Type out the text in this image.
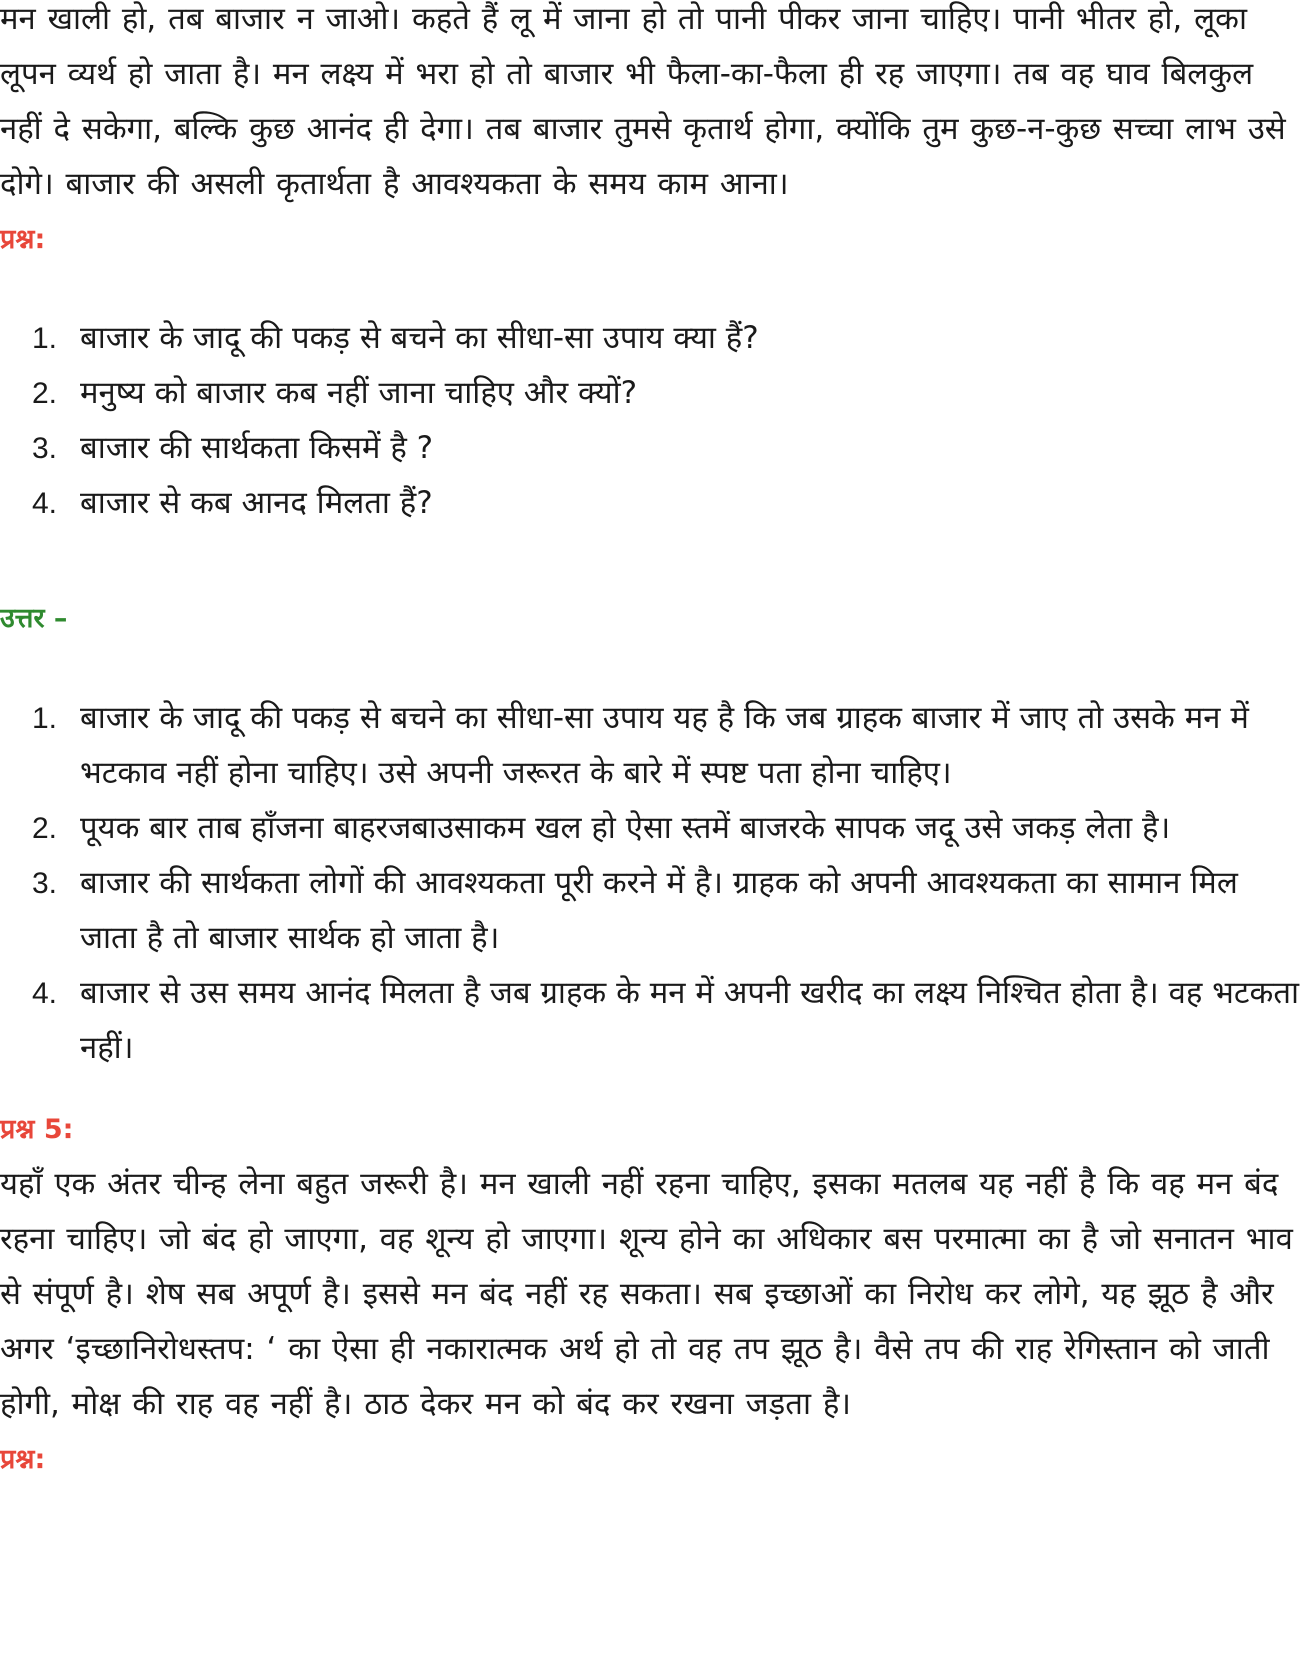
मन खाली हो, तब बाजार न जाओ। कहते हैं लू में जाना हो तो पानी पीकर जाना चाहिए। पानी भीतर हो, लूका लूपन व्यर्थ हो जाता है। मन लक्ष्य में भरा हो तो बाजार भी फैला-का-फैला ही रह जाएगा। तब वह घाव बिलकुल नहीं दे सकेगा, बल्कि कुछ आनंद ही देगा। तब बाजार तुमसे कृतार्थ होगा, क्योंकि तुम कुछ-न-कुछ सच्चा लाभ उसे दोगे। बाजार की असली कृतार्थता है आवश्यकता के समय काम आना।

प्रश्न:

1. बाजार के जादू की पकड़ से बचने का सीधा-सा उपाय क्या हैं?
2. मनुष्य को बाजार कब नहीं जाना चाहिए और क्यों?
3. बाजार की सार्थकता किसमें है ?
4. बाजार से कब आनद मिलता हैं?

उत्तर –

1. बाजार के जादू की पकड़ से बचने का सीधा-सा उपाय यह है कि जब ग्राहक बाजार में जाए तो उसके मन में भटकाव नहीं होना चाहिए। उसे अपनी जरूरत के बारे में स्पष्ट पता होना चाहिए।
2. पूयक बार ताब हाँजना बाहरजबाउसाकम खल हो ऐसा स्तमें बाजरके सापक जदू उसे जकड़ लेता है।
3. बाजार की सार्थकता लोगों की आवश्यकता पूरी करने में है। ग्राहक को अपनी आवश्यकता का सामान मिल जाता है तो बाजार सार्थक हो जाता है।
4. बाजार से उस समय आनंद मिलता है जब ग्राहक के मन में अपनी खरीद का लक्ष्य निश्चित होता है। वह भटकता नहीं।

प्रश्न 5:

यहाँ एक अंतर चीन्ह लेना बहुत जरूरी है। मन खाली नहीं रहना चाहिए, इसका मतलब यह नहीं है कि वह मन बंद रहना चाहिए। जो बंद हो जाएगा, वह शून्य हो जाएगा। शून्य होने का अधिकार बस परमात्मा का है जो सनातन भाव से संपूर्ण है। शेष सब अपूर्ण है। इससे मन बंद नहीं रह सकता। सब इच्छाओं का निरोध कर लोगे, यह झूठ है और अगर ‘इच्छानिरोधस्तप: ‘ का ऐसा ही नकारात्मक अर्थ हो तो वह तप झूठ है। वैसे तप की राह रेगिस्तान को जाती होगी, मोक्ष की राह वह नहीं है। ठाठ देकर मन को बंद कर रखना जड़ता है।

प्रश्न:
